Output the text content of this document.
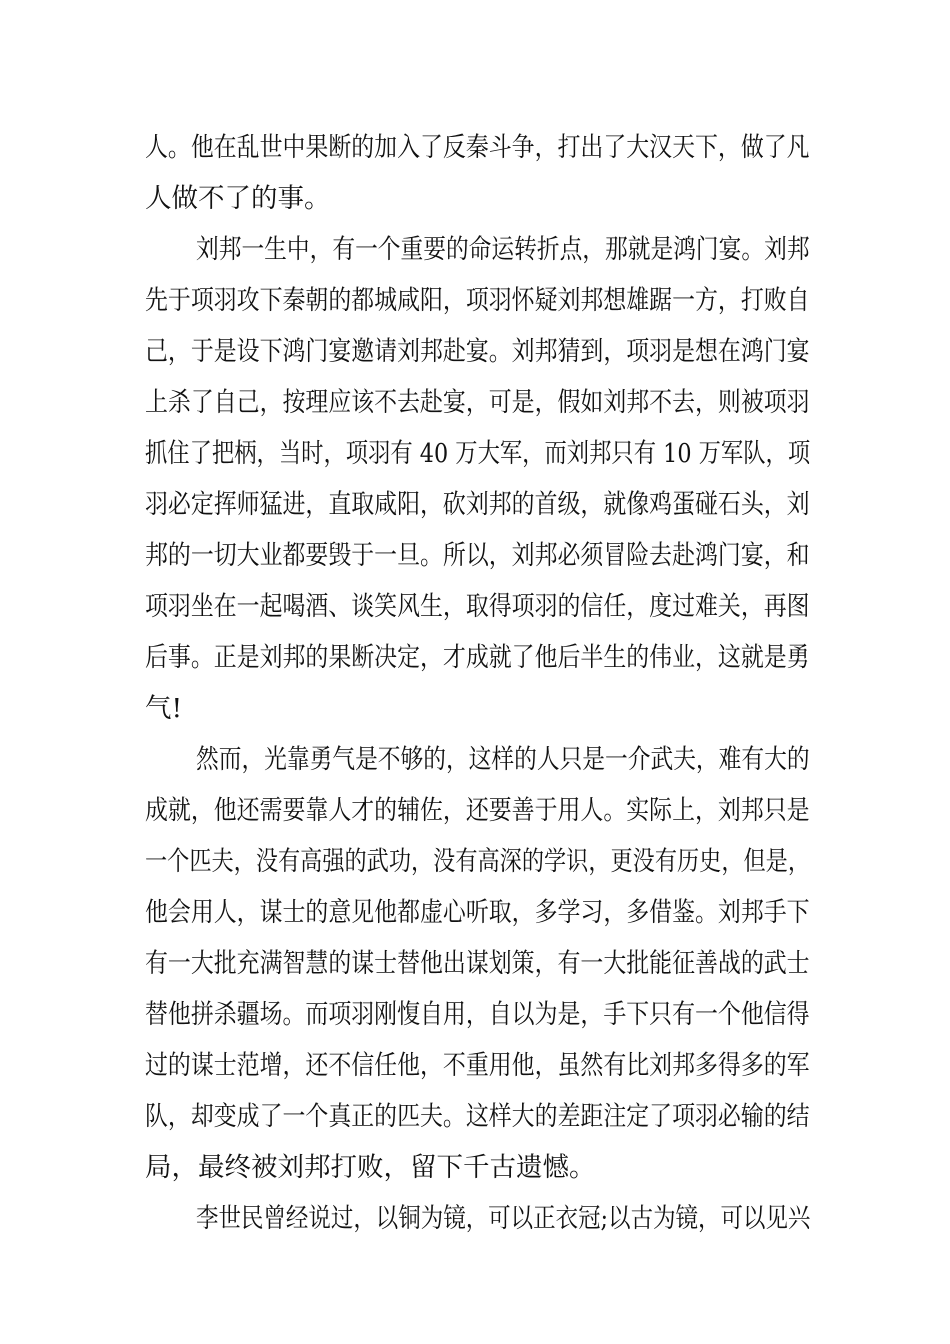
人。他在乱世中果断的加入了反秦斗争，打出了大汉天下，做了凡
人做不了的事。
刘邦一生中，有一个重要的命运转折点，那就是鸿门宴。刘邦
先于项羽攻下秦朝的都城咸阳，项羽怀疑刘邦想雄踞一方，打败自
己，于是设下鸿门宴邀请刘邦赴宴。刘邦猜到，项羽是想在鸿门宴
上杀了自己，按理应该不去赴宴，可是，假如刘邦不去，则被项羽
抓住了把柄，当时，项羽有 40 万大军，而刘邦只有 10 万军队，项
羽必定挥师猛进，直取咸阳，砍刘邦的首级，就像鸡蛋碰石头，刘
邦的一切大业都要毁于一旦。所以，刘邦必须冒险去赴鸿门宴，和
项羽坐在一起喝酒、谈笑风生，取得项羽的信任，度过难关，再图
后事。正是刘邦的果断决定，才成就了他后半生的伟业，这就是勇
气!
然而，光靠勇气是不够的，这样的人只是一介武夫，难有大的
成就，他还需要靠人才的辅佐，还要善于用人。实际上，刘邦只是
一个匹夫，没有高强的武功，没有高深的学识，更没有历史，但是，
他会用人，谋士的意见他都虚心听取，多学习，多借鉴。刘邦手下
有一大批充满智慧的谋士替他出谋划策，有一大批能征善战的武士
替他拼杀疆场。而项羽刚愎自用，自以为是，手下只有一个他信得
过的谋士范增，还不信任他，不重用他，虽然有比刘邦多得多的军
队，却变成了一个真正的匹夫。这样大的差距注定了项羽必输的结
局，最终被刘邦打败，留下千古遗憾。
李世民曾经说过，以铜为镜，可以正衣冠;以古为镜，可以见兴
